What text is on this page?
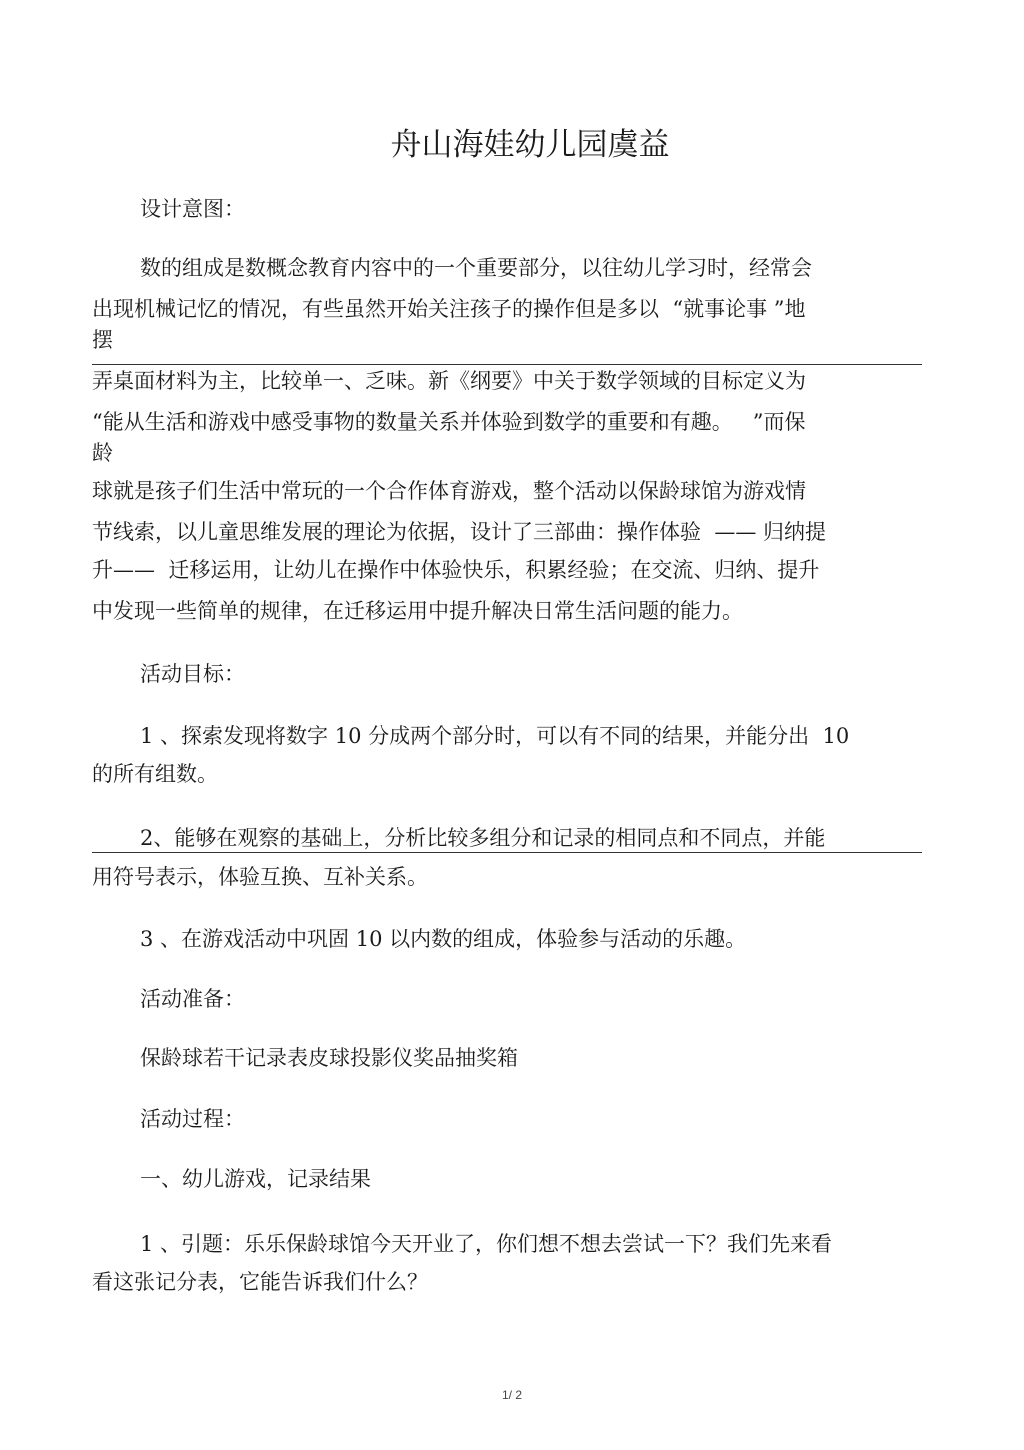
舟山海娃幼儿园虞益
设计意图：
数的组成是数概念教育内容中的一个重要部分，以往幼儿学习时，经常会
出现机械记忆的情况，有些虽然开始关注孩子的操作但是多以  “就事论事 ”地
摆
弄桌面材料为主，比较单一、乏味。新《纲要》中关于数学领域的目标定义为
“能从生活和游戏中感受事物的数量关系并体验到数学的重要和有趣。   ”而保
龄
球就是孩子们生活中常玩的一个合作体育游戏，整个活动以保龄球馆为游戏情
节线索，以儿童思维发展的理论为依据，设计了三部曲：操作体验  —— 归纳提
升——  迁移运用，让幼儿在操作中体验快乐，积累经验；在交流、归纳、提升
中发现一些简单的规律，在迁移运用中提升解决日常生活问题的能力。
活动目标：
1 、探索发现将数字 10 分成两个部分时，可以有不同的结果，并能分出  10
的所有组数。
2、能够在观察的基础上，分析比较多组分和记录的相同点和不同点，并能
用符号表示，体验互换、互补关系。
3 、在游戏活动中巩固 10 以内数的组成，体验参与活动的乐趣。
活动准备：
保龄球若干记录表皮球投影仪奖品抽奖箱
活动过程：
一、幼儿游戏，记录结果
1 、引题：乐乐保龄球馆今天开业了，你们想不想去尝试一下？我们先来看
看这张记分表，它能告诉我们什么？
1/ 2
